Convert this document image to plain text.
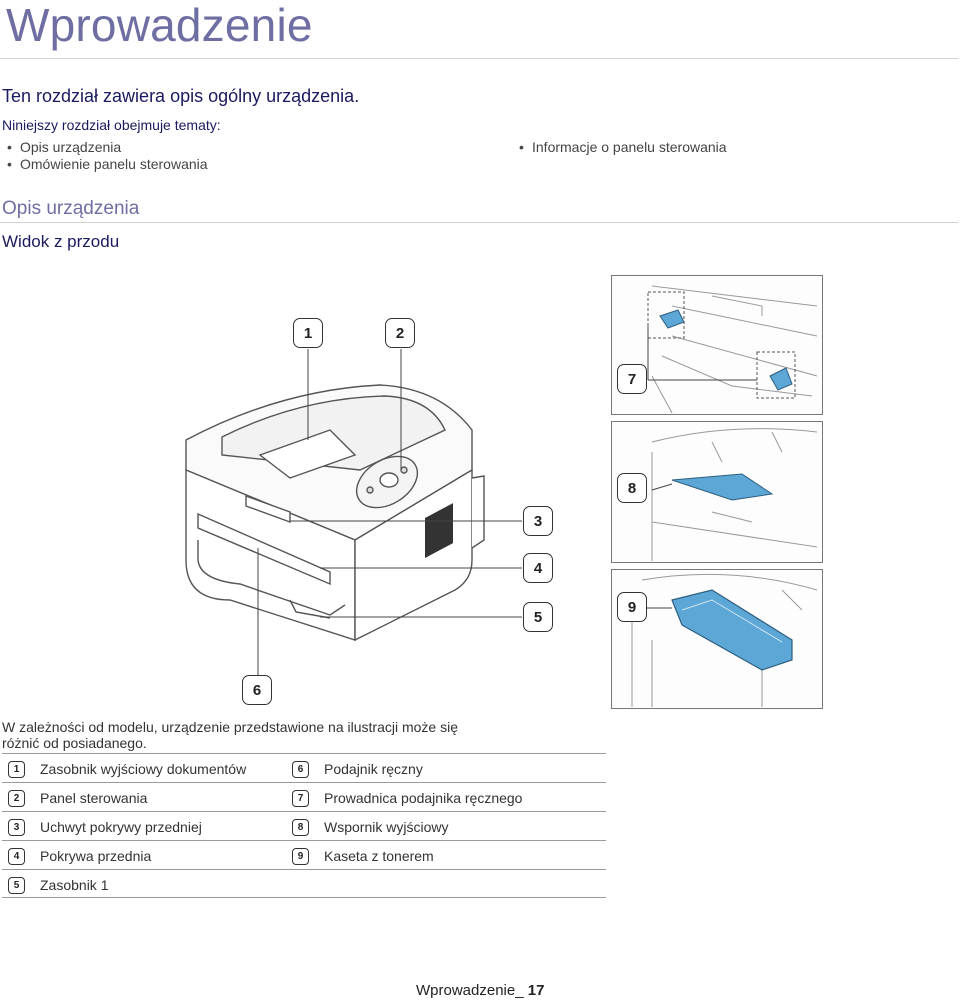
Wprowadzenie
Ten rozdział zawiera opis ogólny urządzenia.
Niniejszy rozdział obejmuje tematy:
• Opis urządzenia
• Omówienie panelu sterowania
• Informacje o panelu sterowania
Opis urządzenia
Widok z przodu
1	2
3
4
5
6
7
8
9
W zależności od modelu, urządzenie przedstawione na ilustracji może się różnić od posiadanego.
1	Zasobnik wyjściowy dokumentów	6	Podajnik ręczny
2	Panel sterowania	7	Prowadnica podajnika ręcznego
3	Uchwyt pokrywy przedniej	8	Wspornik wyjściowy
4	Pokrywa przednia	9	Kaseta z tonerem
5	Zasobnik 1
Wprowadzenie_ 17
